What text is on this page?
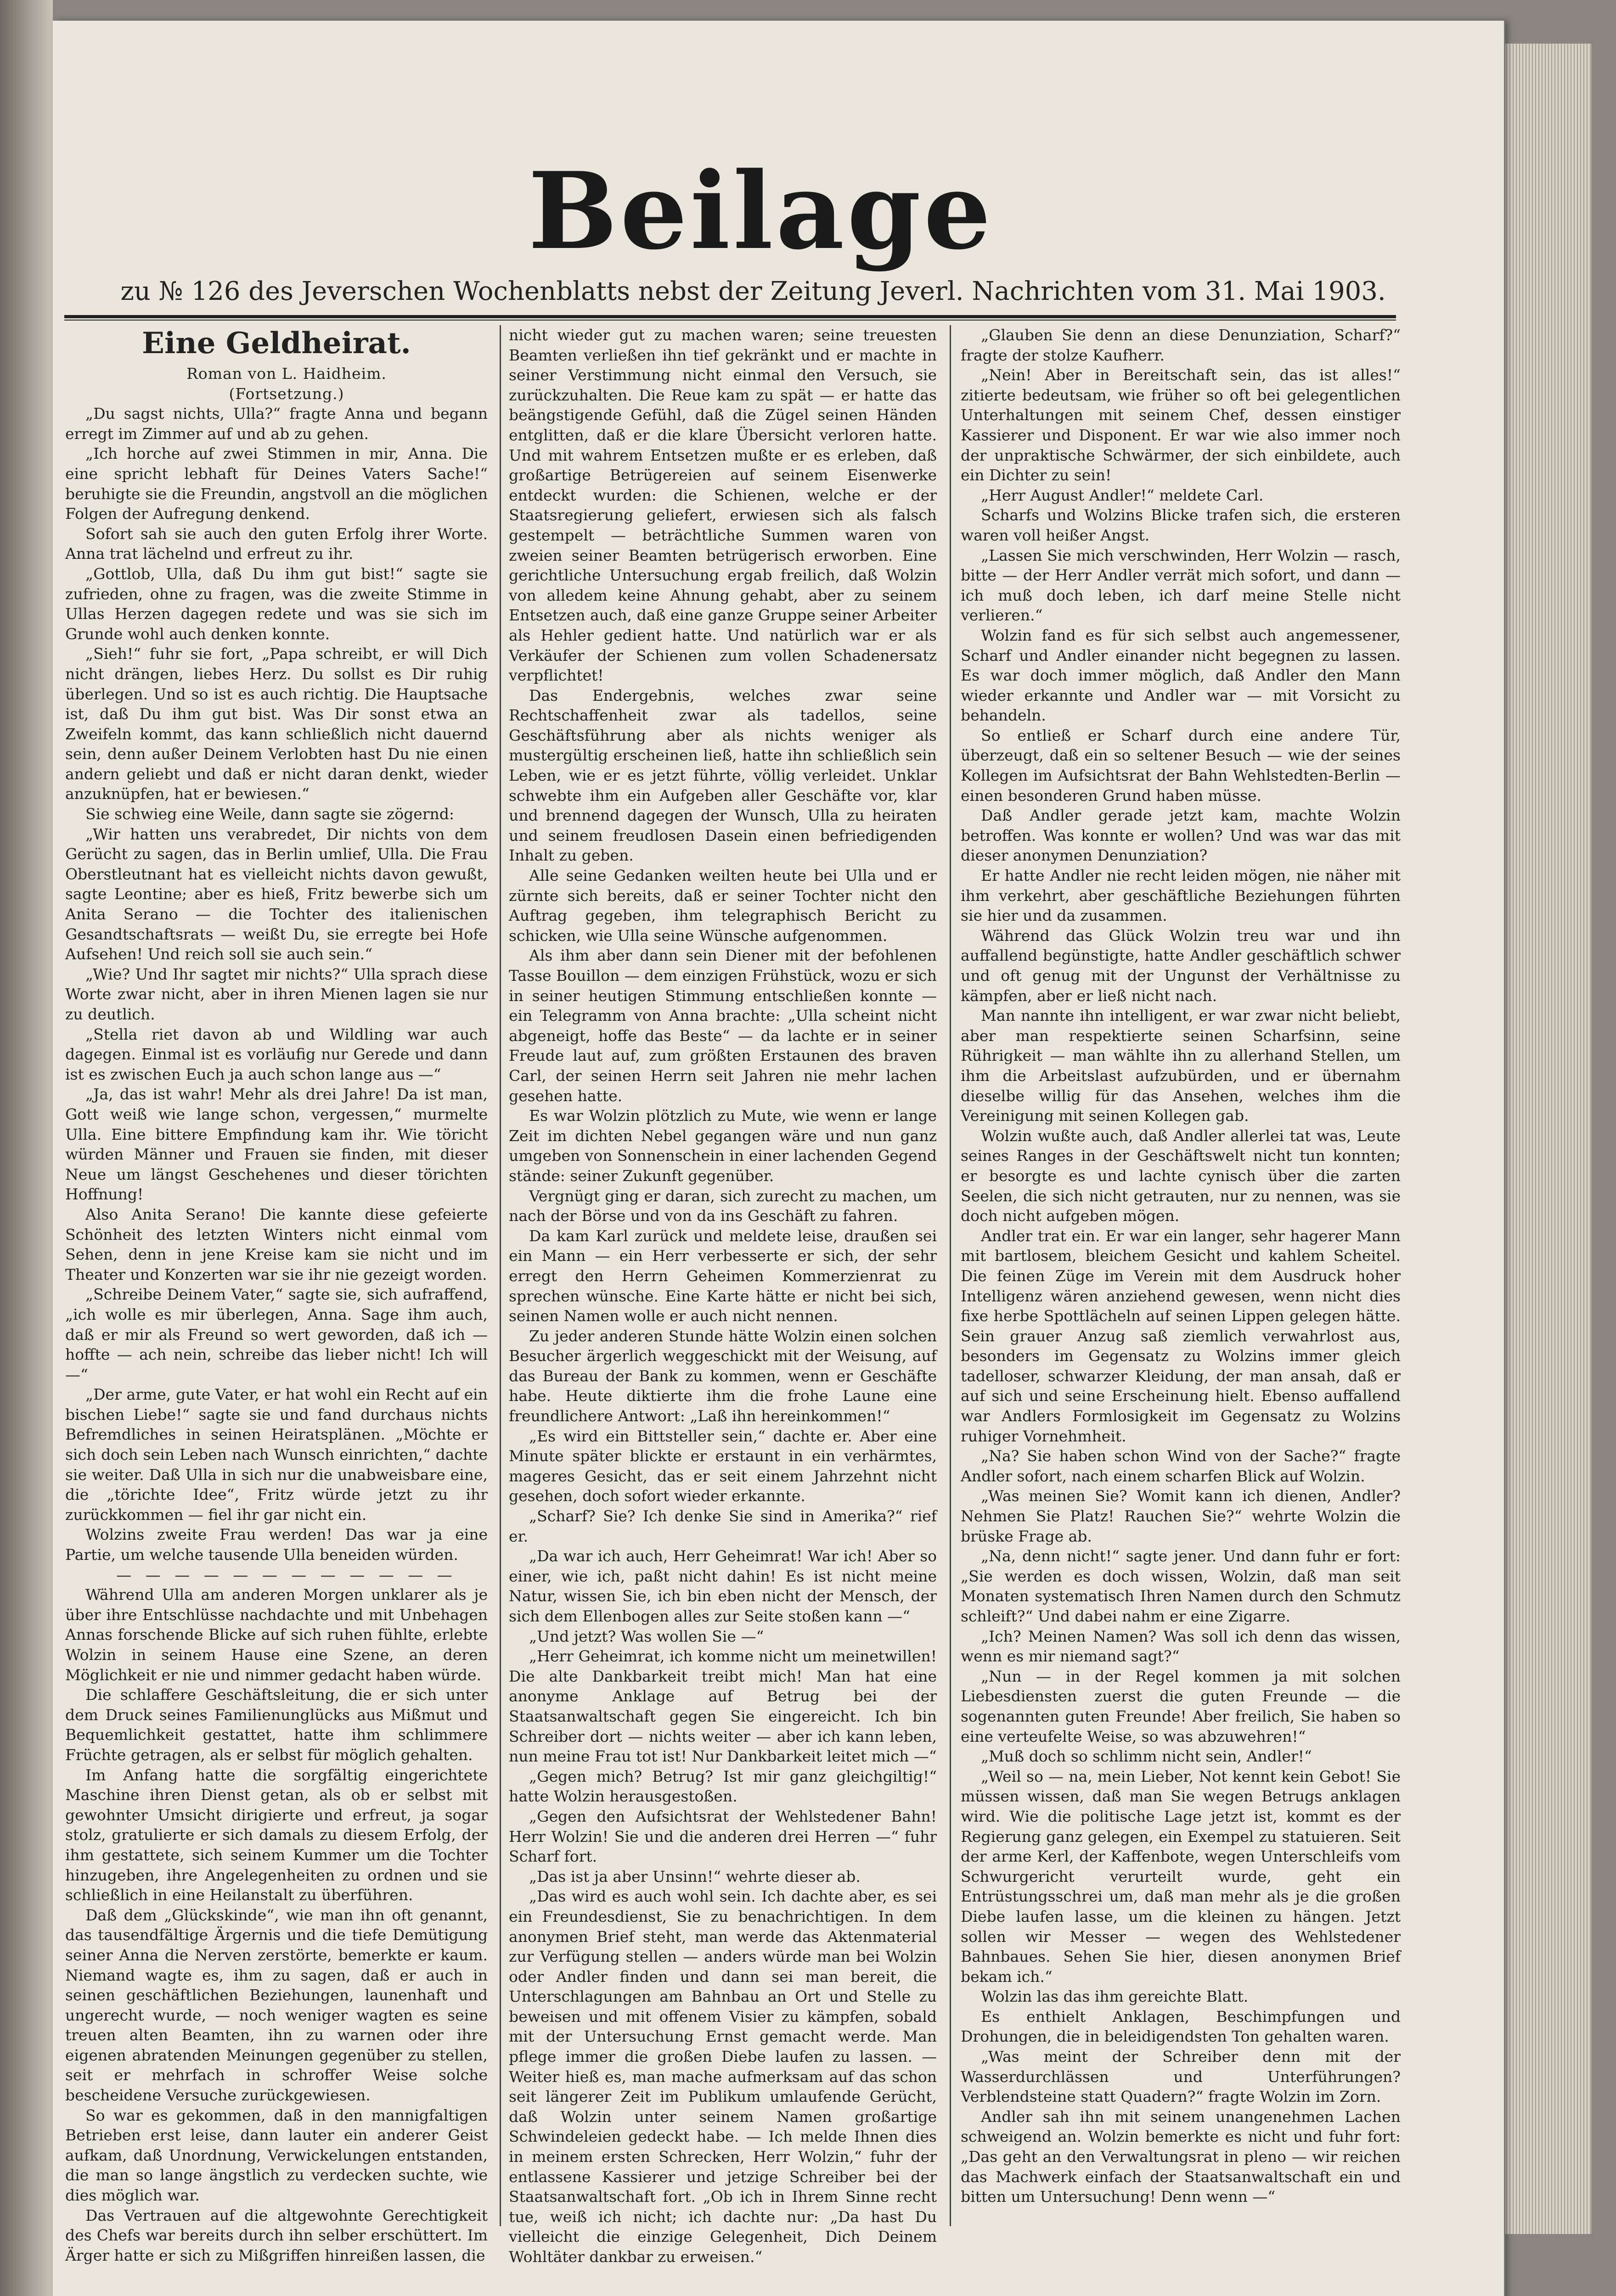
Beilage
zu № 126 des Jeverschen Wochenblatts nebst der Zeitung Jeverl. Nachrichten vom 31. Mai 1903.
Eine Geldheirat.

Roman von L. Haidheim.

(Fortsetzung.)

„Du sagst nichts, Ulla?“ fragte Anna und begann erregt im Zimmer auf und ab zu gehen.

„Ich horche auf zwei Stimmen in mir, Anna. Die eine spricht lebhaft für Deines Vaters Sache!“ beruhigte sie die Freundin, angstvoll an die möglichen Folgen der Aufregung denkend.

Sofort sah sie auch den guten Erfolg ihrer Worte. Anna trat lächelnd und erfreut zu ihr.

„Gottlob, Ulla, daß Du ihm gut bist!“ sagte sie zufrieden, ohne zu fragen, was die zweite Stimme in Ullas Herzen dagegen redete und was sie sich im Grunde wohl auch denken konnte.

„Sieh!“ fuhr sie fort, „Papa schreibt, er will Dich nicht drängen, liebes Herz. Du sollst es Dir ruhig überlegen. Und so ist es auch richtig. Die Hauptsache ist, daß Du ihm gut bist. Was Dir sonst etwa an Zweifeln kommt, das kann schließlich nicht dauernd sein, denn außer Deinem Verlobten hast Du nie einen andern geliebt und daß er nicht daran denkt, wieder anzuknüpfen, hat er bewiesen.“

Sie schwieg eine Weile, dann sagte sie zögernd:

„Wir hatten uns verabredet, Dir nichts von dem Gerücht zu sagen, das in Berlin umlief, Ulla. Die Frau Oberstleutnant hat es vielleicht nichts davon gewußt, sagte Leontine; aber es hieß, Fritz bewerbe sich um Anita Serano — die Tochter des italienischen Gesandtschaftsrats — weißt Du, sie erregte bei Hofe Aufsehen! Und reich soll sie auch sein.“

„Wie? Und Ihr sagtet mir nichts?“ Ulla sprach diese Worte zwar nicht, aber in ihren Mienen lagen sie nur zu deutlich.

„Stella riet davon ab und Wildling war auch dagegen. Einmal ist es vorläufig nur Gerede und dann ist es zwischen Euch ja auch schon lange aus —“

„Ja, das ist wahr! Mehr als drei Jahre! Da ist man, Gott weiß wie lange schon, vergessen,“ murmelte Ulla. Eine bittere Empfindung kam ihr. Wie töricht würden Männer und Frauen sie finden, mit dieser Neue um längst Geschehenes und dieser törichten Hoffnung!

Also Anita Serano! Die kannte diese gefeierte Schönheit des letzten Winters nicht einmal vom Sehen, denn in jene Kreise kam sie nicht und im Theater und Konzerten war sie ihr nie gezeigt worden.

„Schreibe Deinem Vater,“ sagte sie, sich aufraffend, „ich wolle es mir überlegen, Anna. Sage ihm auch, daß er mir als Freund so wert geworden, daß ich — hoffte — ach nein, schreibe das lieber nicht! Ich will —“

„Der arme, gute Vater, er hat wohl ein Recht auf ein bischen Liebe!“ sagte sie und fand durchaus nichts Befremdliches in seinen Heiratsplänen. „Möchte er sich doch sein Leben nach Wunsch einrichten,“ dachte sie weiter. Daß Ulla in sich nur die unabweisbare eine, die „törichte Idee“, Fritz würde jetzt zu ihr zurückkommen — fiel ihr gar nicht ein.

Wolzins zweite Frau werden! Das war ja eine Partie, um welche tausende Ulla beneiden würden.

— — — — — — — — — — — —

Während Ulla am anderen Morgen unklarer als je über ihre Entschlüsse nachdachte und mit Unbehagen Annas forschende Blicke auf sich ruhen fühlte, erlebte Wolzin in seinem Hause eine Szene, an deren Möglichkeit er nie und nimmer gedacht haben würde.

Die schlaffere Geschäftsleitung, die er sich unter dem Druck seines Familienunglücks aus Mißmut und Bequemlichkeit gestattet, hatte ihm schlimmere Früchte getragen, als er selbst für möglich gehalten.

Im Anfang hatte die sorgfältig eingerichtete Maschine ihren Dienst getan, als ob er selbst mit gewohnter Umsicht dirigierte und erfreut, ja sogar stolz, gratulierte er sich damals zu diesem Erfolg, der ihm gestattete, sich seinem Kummer um die Tochter hinzugeben, ihre Angelegenheiten zu ordnen und sie schließlich in eine Heilanstalt zu überführen.

Daß dem „Glückskinde“, wie man ihn oft genannt, das tausendfältige Ärgernis und die tiefe Demütigung seiner Anna die Nerven zerstörte, bemerkte er kaum. Niemand wagte es, ihm zu sagen, daß er auch in seinen geschäftlichen Beziehungen, launenhaft und ungerecht wurde, — noch weniger wagten es seine treuen alten Beamten, ihn zu warnen oder ihre eigenen abratenden Meinungen gegenüber zu stellen, seit er mehrfach in schroffer Weise solche bescheidene Versuche zurückgewiesen.

So war es gekommen, daß in den mannigfaltigen Betrieben erst leise, dann lauter ein anderer Geist aufkam, daß Unordnung, Verwickelungen entstanden, die man so lange ängstlich zu verdecken suchte, wie dies möglich war.

Das Vertrauen auf die altgewohnte Gerechtigkeit des Chefs war bereits durch ihn selber erschüttert. Im Ärger hatte er sich zu Mißgriffen hinreißen lassen, die

nicht wieder gut zu machen waren; seine treuesten Beamten verließen ihn tief gekränkt und er machte in seiner Verstimmung nicht einmal den Versuch, sie zurückzuhalten. Die Reue kam zu spät — er hatte das beängstigende Gefühl, daß die Zügel seinen Händen entglitten, daß er die klare Übersicht verloren hatte. Und mit wahrem Entsetzen mußte er es erleben, daß großartige Betrügereien auf seinem Eisenwerke entdeckt wurden: die Schienen, welche er der Staatsregierung geliefert, erwiesen sich als falsch gestempelt — beträchtliche Summen waren von zweien seiner Beamten betrügerisch erworben. Eine gerichtliche Untersuchung ergab freilich, daß Wolzin von alledem keine Ahnung gehabt, aber zu seinem Entsetzen auch, daß eine ganze Gruppe seiner Arbeiter als Hehler gedient hatte. Und natürlich war er als Verkäufer der Schienen zum vollen Schadenersatz verpflichtet!

Das Endergebnis, welches zwar seine Rechtschaffenheit zwar als tadellos, seine Geschäftsführung aber als nichts weniger als mustergültig erscheinen ließ, hatte ihn schließlich sein Leben, wie er es jetzt führte, völlig verleidet. Unklar schwebte ihm ein Aufgeben aller Geschäfte vor, klar und brennend dagegen der Wunsch, Ulla zu heiraten und seinem freudlosen Dasein einen befriedigenden Inhalt zu geben.

Alle seine Gedanken weilten heute bei Ulla und er zürnte sich bereits, daß er seiner Tochter nicht den Auftrag gegeben, ihm telegraphisch Bericht zu schicken, wie Ulla seine Wünsche aufgenommen.

Als ihm aber dann sein Diener mit der befohlenen Tasse Bouillon — dem einzigen Frühstück, wozu er sich in seiner heutigen Stimmung entschließen konnte — ein Telegramm von Anna brachte: „Ulla scheint nicht abgeneigt, hoffe das Beste“ — da lachte er in seiner Freude laut auf, zum größten Erstaunen des braven Carl, der seinen Herrn seit Jahren nie mehr lachen gesehen hatte.

Es war Wolzin plötzlich zu Mute, wie wenn er lange Zeit im dichten Nebel gegangen wäre und nun ganz umgeben von Sonnenschein in einer lachenden Gegend stände: seiner Zukunft gegenüber.

Vergnügt ging er daran, sich zurecht zu machen, um nach der Börse und von da ins Geschäft zu fahren.

Da kam Karl zurück und meldete leise, draußen sei ein Mann — ein Herr verbesserte er sich, der sehr erregt den Herrn Geheimen Kommerzienrat zu sprechen wünsche. Eine Karte hätte er nicht bei sich, seinen Namen wolle er auch nicht nennen.

Zu jeder anderen Stunde hätte Wolzin einen solchen Besucher ärgerlich weggeschickt mit der Weisung, auf das Bureau der Bank zu kommen, wenn er Geschäfte habe. Heute diktierte ihm die frohe Laune eine freundlichere Antwort: „Laß ihn hereinkommen!“

„Es wird ein Bittsteller sein,“ dachte er. Aber eine Minute später blickte er erstaunt in ein verhärmtes, mageres Gesicht, das er seit einem Jahrzehnt nicht gesehen, doch sofort wieder erkannte.

„Scharf? Sie? Ich denke Sie sind in Amerika?“ rief er.

„Da war ich auch, Herr Geheimrat! War ich! Aber so einer, wie ich, paßt nicht dahin! Es ist nicht meine Natur, wissen Sie, ich bin eben nicht der Mensch, der sich dem Ellenbogen alles zur Seite stoßen kann —“

„Und jetzt? Was wollen Sie —“

„Herr Geheimrat, ich komme nicht um meinetwillen! Die alte Dankbarkeit treibt mich! Man hat eine anonyme Anklage auf Betrug bei der Staatsanwaltschaft gegen Sie eingereicht. Ich bin Schreiber dort — nichts weiter — aber ich kann leben, nun meine Frau tot ist! Nur Dankbarkeit leitet mich —“

„Gegen mich? Betrug? Ist mir ganz gleichgiltig!“ hatte Wolzin herausgestoßen.

„Gegen den Aufsichtsrat der Wehlstedener Bahn! Herr Wolzin! Sie und die anderen drei Herren —“ fuhr Scharf fort.

„Das ist ja aber Unsinn!“ wehrte dieser ab.

„Das wird es auch wohl sein. Ich dachte aber, es sei ein Freundesdienst, Sie zu benachrichtigen. In dem anonymen Brief steht, man werde das Aktenmaterial zur Verfügung stellen — anders würde man bei Wolzin oder Andler finden und dann sei man bereit, die Unterschlagungen am Bahnbau an Ort und Stelle zu beweisen und mit offenem Visier zu kämpfen, sobald mit der Untersuchung Ernst gemacht werde. Man pflege immer die großen Diebe laufen zu lassen. — Weiter hieß es, man mache aufmerksam auf das schon seit längerer Zeit im Publikum umlaufende Gerücht, daß Wolzin unter seinem Namen großartige Schwindeleien gedeckt habe. — Ich melde Ihnen dies in meinem ersten Schrecken, Herr Wolzin,“ fuhr der entlassene Kassierer und jetzige Schreiber bei der Staatsanwaltschaft fort. „Ob ich in Ihrem Sinne recht tue, weiß ich nicht; ich dachte nur: „Da hast Du vielleicht die einzige Gelegenheit, Dich Deinem Wohltäter dankbar zu erweisen.“

„Glauben Sie denn an diese Denunziation, Scharf?“ fragte der stolze Kaufherr.

„Nein! Aber in Bereitschaft sein, das ist alles!“ zitierte bedeutsam, wie früher so oft bei gelegentlichen Unterhaltungen mit seinem Chef, dessen einstiger Kassierer und Disponent. Er war wie also immer noch der unpraktische Schwärmer, der sich einbildete, auch ein Dichter zu sein!

„Herr August Andler!“ meldete Carl.

Scharfs und Wolzins Blicke trafen sich, die ersteren waren voll heißer Angst.

„Lassen Sie mich verschwinden, Herr Wolzin — rasch, bitte — der Herr Andler verrät mich sofort, und dann — ich muß doch leben, ich darf meine Stelle nicht verlieren.“

Wolzin fand es für sich selbst auch angemessener, Scharf und Andler einander nicht begegnen zu lassen. Es war doch immer möglich, daß Andler den Mann wieder erkannte und Andler war — mit Vorsicht zu behandeln.

So entließ er Scharf durch eine andere Tür, überzeugt, daß ein so seltener Besuch — wie der seines Kollegen im Aufsichtsrat der Bahn Wehlstedten-Berlin — einen besonderen Grund haben müsse.

Daß Andler gerade jetzt kam, machte Wolzin betroffen. Was konnte er wollen? Und was war das mit dieser anonymen Denunziation?

Er hatte Andler nie recht leiden mögen, nie näher mit ihm verkehrt, aber geschäftliche Beziehungen führten sie hier und da zusammen.

Während das Glück Wolzin treu war und ihn auffallend begünstigte, hatte Andler geschäftlich schwer und oft genug mit der Ungunst der Verhältnisse zu kämpfen, aber er ließ nicht nach.

Man nannte ihn intelligent, er war zwar nicht beliebt, aber man respektierte seinen Scharfsinn, seine Rührigkeit — man wählte ihn zu allerhand Stellen, um ihm die Arbeitslast aufzubürden, und er übernahm dieselbe willig für das Ansehen, welches ihm die Vereinigung mit seinen Kollegen gab.

Wolzin wußte auch, daß Andler allerlei tat was, Leute seines Ranges in der Geschäftswelt nicht tun konnten; er besorgte es und lachte cynisch über die zarten Seelen, die sich nicht getrauten, nur zu nennen, was sie doch nicht aufgeben mögen.

Andler trat ein. Er war ein langer, sehr hagerer Mann mit bartlosem, bleichem Gesicht und kahlem Scheitel. Die feinen Züge im Verein mit dem Ausdruck hoher Intelligenz wären anziehend gewesen, wenn nicht dies fixe herbe Spottlächeln auf seinen Lippen gelegen hätte. Sein grauer Anzug saß ziemlich verwahrlost aus, besonders im Gegensatz zu Wolzins immer gleich tadelloser, schwarzer Kleidung, der man ansah, daß er auf sich und seine Erscheinung hielt. Ebenso auffallend war Andlers Formlosigkeit im Gegensatz zu Wolzins ruhiger Vornehmheit.

„Na? Sie haben schon Wind von der Sache?“ fragte Andler sofort, nach einem scharfen Blick auf Wolzin.

„Was meinen Sie? Womit kann ich dienen, Andler? Nehmen Sie Platz! Rauchen Sie?“ wehrte Wolzin die brüske Frage ab.

„Na, denn nicht!“ sagte jener. Und dann fuhr er fort: „Sie werden es doch wissen, Wolzin, daß man seit Monaten systematisch Ihren Namen durch den Schmutz schleift?“ Und dabei nahm er eine Zigarre.

„Ich? Meinen Namen? Was soll ich denn das wissen, wenn es mir niemand sagt?“

„Nun — in der Regel kommen ja mit solchen Liebesdiensten zuerst die guten Freunde — die sogenannten guten Freunde! Aber freilich, Sie haben so eine verteufelte Weise, so was abzuwehren!“

„Muß doch so schlimm nicht sein, Andler!“

„Weil so — na, mein Lieber, Not kennt kein Gebot! Sie müssen wissen, daß man Sie wegen Betrugs anklagen wird. Wie die politische Lage jetzt ist, kommt es der Regierung ganz gelegen, ein Exempel zu statuieren. Seit der arme Kerl, der Kaffenbote, wegen Unterschleifs vom Schwurgericht verurteilt wurde, geht ein Entrüstungsschrei um, daß man mehr als je die großen Diebe laufen lasse, um die kleinen zu hängen. Jetzt sollen wir Messer — wegen des Wehlstedener Bahnbaues. Sehen Sie hier, diesen anonymen Brief bekam ich.“

Wolzin las das ihm gereichte Blatt.

Es enthielt Anklagen, Beschimpfungen und Drohungen, die in beleidigendsten Ton gehalten waren.

„Was meint der Schreiber denn mit der Wasserdurchlässen und Unterführungen? Verblendsteine statt Quadern?“ fragte Wolzin im Zorn.

Andler sah ihn mit seinem unangenehmen Lachen schweigend an. Wolzin bemerkte es nicht und fuhr fort: „Das geht an den Verwaltungsrat in pleno — wir reichen das Machwerk einfach der Staatsanwaltschaft ein und bitten um Untersuchung! Denn wenn —“
